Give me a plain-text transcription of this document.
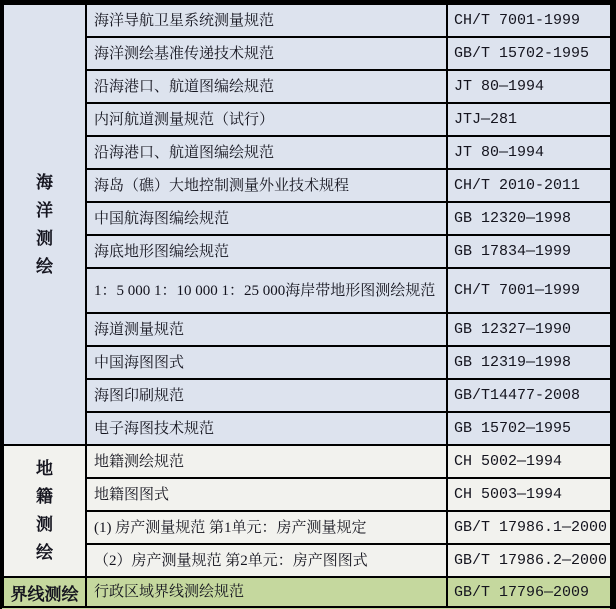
海
洋
测
绘	海洋导航卫星系统测量规范	CH/T 7001-1999
	海洋测绘基准传递技术规范	GB/T 15702-1995
	沿海港口、航道图编绘规范	JT 80—1994
	内河航道测量规范（试行）	JTJ—281
	沿海港口、航道图编绘规范	JT 80—1994
	海岛（礁）大地控制测量外业技术规程	CH/T 2010-2011
	中国航海图编绘规范	GB 12320—1998
	海底地形图编绘规范	GB 17834—1999
	1：5 000 1：10 000 1：25 000海岸带地形图测绘规范	CH/T 7001—1999
	海道测量规范	GB 12327—1990
	中国海图图式	GB 12319—1998
	海图印刷规范	GB/T14477-2008
	电子海图技术规范	GB 15702—1995

地
籍
测
绘	地籍测绘规范	CH 5002—1994
	地籍图图式	CH 5003—1994
	(1) 房产测量规范 第1单元：房产测量规定	GB/T 17986.1—2000
	（2）房产测量规范 第2单元：房产图图式	GB/T 17986.2—2000
界线测绘	行政区域界线测绘规范	GB/T 17796—2009
